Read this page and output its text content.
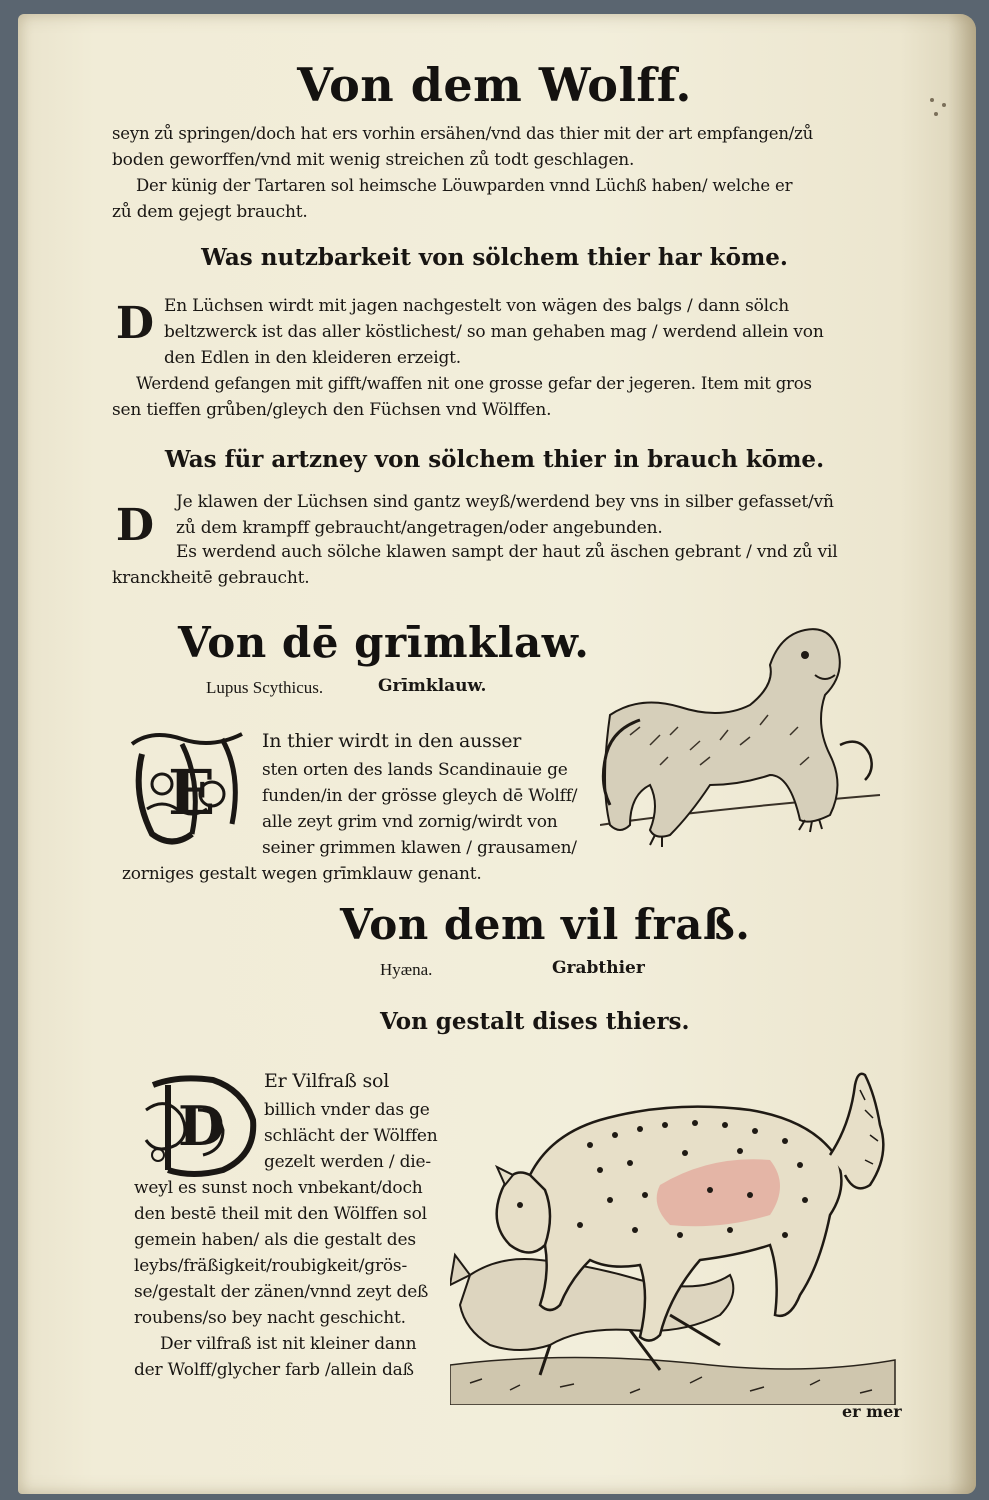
Von dem Wolff.
seyn zů springen/doch hat ers vorhin ersähen/vnd das thier mit der art empfangen/zů
boden geworffen/vnd mit wenig streichen zů todt geschlagen.
Der künig der Tartaren sol heimsche Löuwparden vnnd Lüchß haben/ welche er
zů dem gejegt braucht.
Was nutzbarkeit von sölchem thier har kōme.
D En Lüchsen wirdt mit jagen nachgestelt von wägen des balgs / dann sölch
beltzwerck ist das aller köstlichest/ so man gehaben mag / werdend allein von
den Edlen in den kleideren erzeigt.
Werdend gefangen mit gifft/waffen nit one grosse gefar der jegeren. Item mit gros
sen tieffen grůben/gleych den Füchsen vnd Wölffen.
Was für artzney von sölchem thier in brauch kōme.
D Je klawen der Lüchsen sind gantz weyß/werdend bey vns in silber gefasset/vñ
zů dem krampff gebraucht/angetragen/oder angebunden.
Es werdend auch sölche klawen sampt der haut zů äschen gebrant / vnd zů vil
kranckheitē gebraucht.
Von dē grīmklaw.
Lupus Scythicus.	Grīmklauw.
E
In thier wirdt in den ausser
sten orten des lands Scandinauie ge
funden/in der grösse gleych dē Wolff/
alle zeyt grim vnd zornig/wirdt von
seiner grimmen klawen / grausamen/
zorniges gestalt wegen grīmklauw genant.
Von dem vil fraß.
Hyæna.	Grabthier
Von gestalt dises thiers.
D
Er Vilfraß sol
billich vnder das ge
schlächt der Wölffen
gezelt werden / die-
weyl es sunst noch vnbekant/doch
den bestē theil mit den Wölffen sol
gemein haben/ als die gestalt des
leybs/fräßigkeit/roubigkeit/grös-
se/gestalt der zänen/vnnd zeyt deß
roubens/so bey nacht geschicht.
Der vilfraß ist nit kleiner dann
der Wolff/glycher farb /allein daß
er mer
